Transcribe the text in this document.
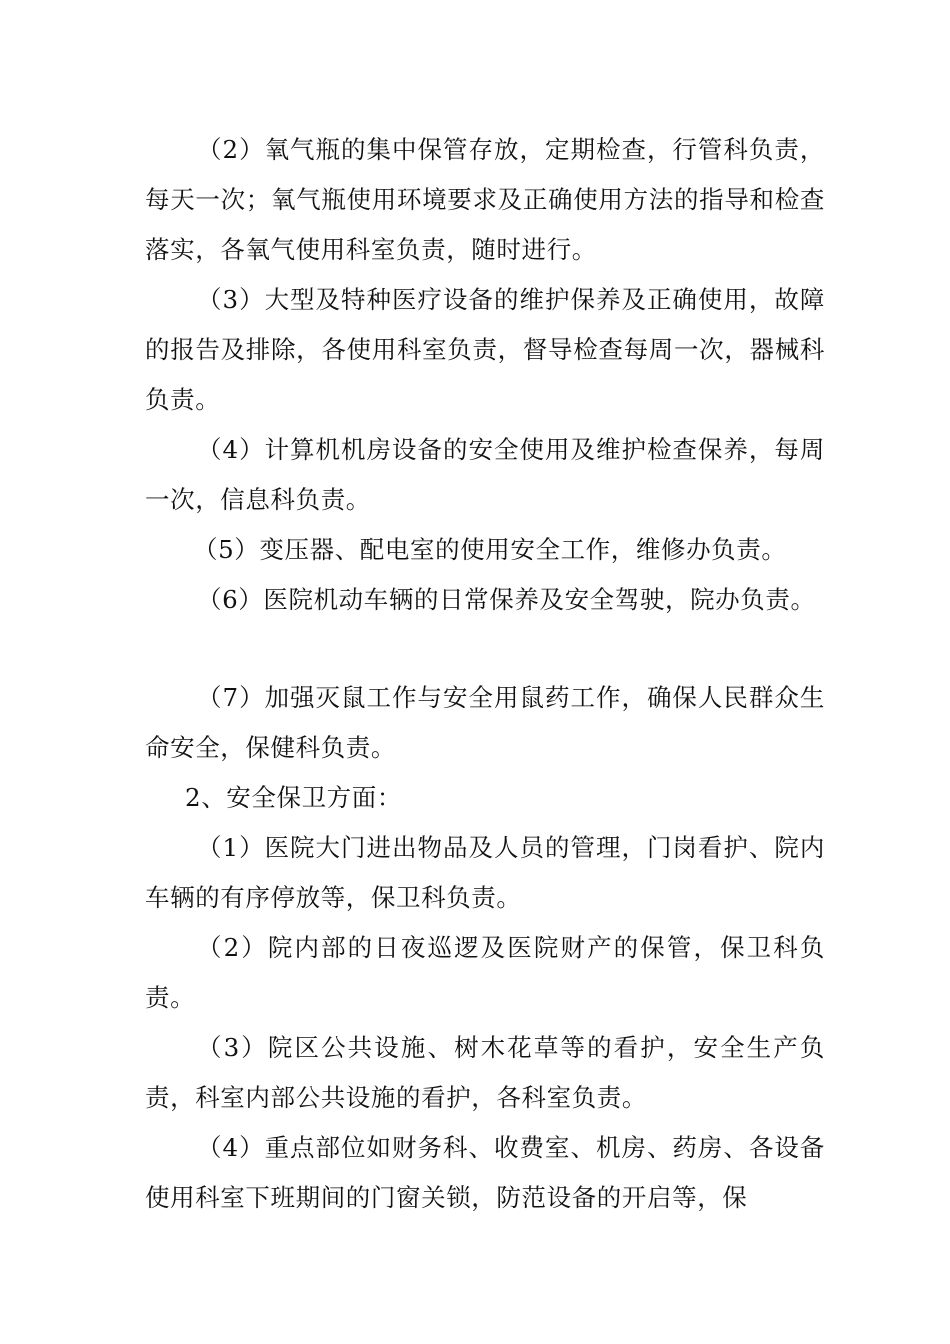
（2）氧气瓶的集中保管存放，定期检查，行管科负责，每天一次；氧气瓶使用环境要求及正确使用方法的指导和检查落实，各氧气使用科室负责，随时进行。

（3）大型及特种医疗设备的维护保养及正确使用，故障的报告及排除，各使用科室负责，督导检查每周一次，器械科负责。

（4）计算机机房设备的安全使用及维护检查保养，每周一次，信息科负责。

（5）变压器、配电室的使用安全工作，维修办负责。

（6）医院机动车辆的日常保养及安全驾驶，院办负责。

（7）加强灭鼠工作与安全用鼠药工作，确保人民群众生命安全，保健科负责。

2、安全保卫方面：

（1）医院大门进出物品及人员的管理，门岗看护、院内车辆的有序停放等，保卫科负责。

（2）院内部的日夜巡逻及医院财产的保管，保卫科负责。

（3）院区公共设施、树木花草等的看护，安全生产负责，科室内部公共设施的看护，各科室负责。

（4）重点部位如财务科、收费室、机房、药房、各设备使用科室下班期间的门窗关锁，防范设备的开启等，保
